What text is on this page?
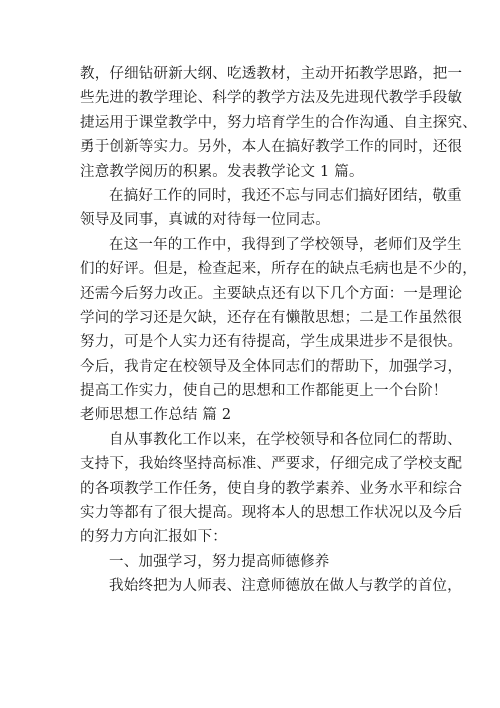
教，仔细钻研新大纲、吃透教材，主动开拓教学思路，把一
些先进的教学理论、科学的教学方法及先进现代教学手段敏
捷运用于课堂教学中，努力培育学生的合作沟通、自主探究、
勇于创新等实力。另外，本人在搞好教学工作的同时，还很
注意教学阅历的积累。发表教学论文 1 篇。
在搞好工作的同时，我还不忘与同志们搞好团结，敬重
领导及同事，真诚的对待每一位同志。
在这一年的工作中，我得到了学校领导，老师们及学生
们的好评。但是，检查起来，所存在的缺点毛病也是不少的，
还需今后努力改正。主要缺点还有以下几个方面：一是理论
学问的学习还是欠缺，还存在有懒散思想；二是工作虽然很
努力，可是个人实力还有待提高，学生成果进步不是很快。
今后，我肯定在校领导及全体同志们的帮助下，加强学习，
提高工作实力，使自己的思想和工作都能更上一个台阶！
老师思想工作总结 篇 2
自从事教化工作以来，在学校领导和各位同仁的帮助、
支持下，我始终坚持高标准、严要求，仔细完成了学校支配
的各项教学工作任务，使自身的教学素养、业务水平和综合
实力等都有了很大提高。现将本人的思想工作状况以及今后
的努力方向汇报如下：
一、加强学习，努力提高师德修养
我始终把为人师表、注意师德放在做人与教学的首位，
